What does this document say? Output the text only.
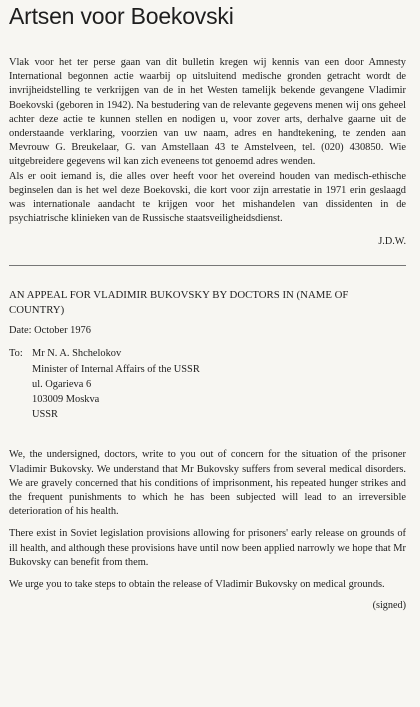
Artsen voor Boekovski

Vlak voor het ter perse gaan van dit bulletin kregen wij kennis van een door Amnesty International begonnen actie waarbij op uitsluitend medische gronden getracht wordt de invrijheidstelling te verkrijgen van de in het Westen tamelijk bekende gevangene Vladimir Boekovski (geboren in 1942). Na bestudering van de relevante gegevens menen wij ons geheel achter deze actie te kunnen stellen en nodigen u, voor zover arts, derhalve gaarne uit de onderstaande verklaring, voorzien van uw naam, adres en handtekening, te zenden aan Mevrouw G. Breukelaar, G. van Amstellaan 43 te Amstelveen, tel. (020) 430850. Wie uitgebreidere gegevens wil kan zich eveneens tot genoemd adres wenden.

Als er ooit iemand is, die alles over heeft voor het overeind houden van medisch-ethische beginselen dan is het wel deze Boekovski, die kort voor zijn arrestatie in 1971 erin geslaagd was internationale aandacht te krijgen voor het mishandelen van dissidenten in de psychiatrische klinieken van de Russische staatsveiligheidsdienst.

J.D.W.
AN APPEAL FOR VLADIMIR BUKOVSKY BY DOCTORS IN (NAME OF COUNTRY)
Date: October 1976
To: Mr N. A. Shchelokov
Minister of Internal Affairs of the USSR
ul. Ogarieva 6
103009 Moskva
USSR

We, the undersigned, doctors, write to you out of concern for the situation of the prisoner Vladimir Bukovsky. We understand that Mr Bukovsky suffers from several medical disorders. We are gravely concerned that his conditions of imprisonment, his repeated hunger strikes and the frequent punishments to which he has been subjected will lead to an irreversible deterioration of his health.

There exist in Soviet legislation provisions allowing for prisoners' early release on grounds of ill health, and although these provisions have until now been applied narrowly we hope that Mr Bukovsky can benefit from them.

We urge you to take steps to obtain the release of Vladimir Bukovsky on medical grounds.

(signed)
